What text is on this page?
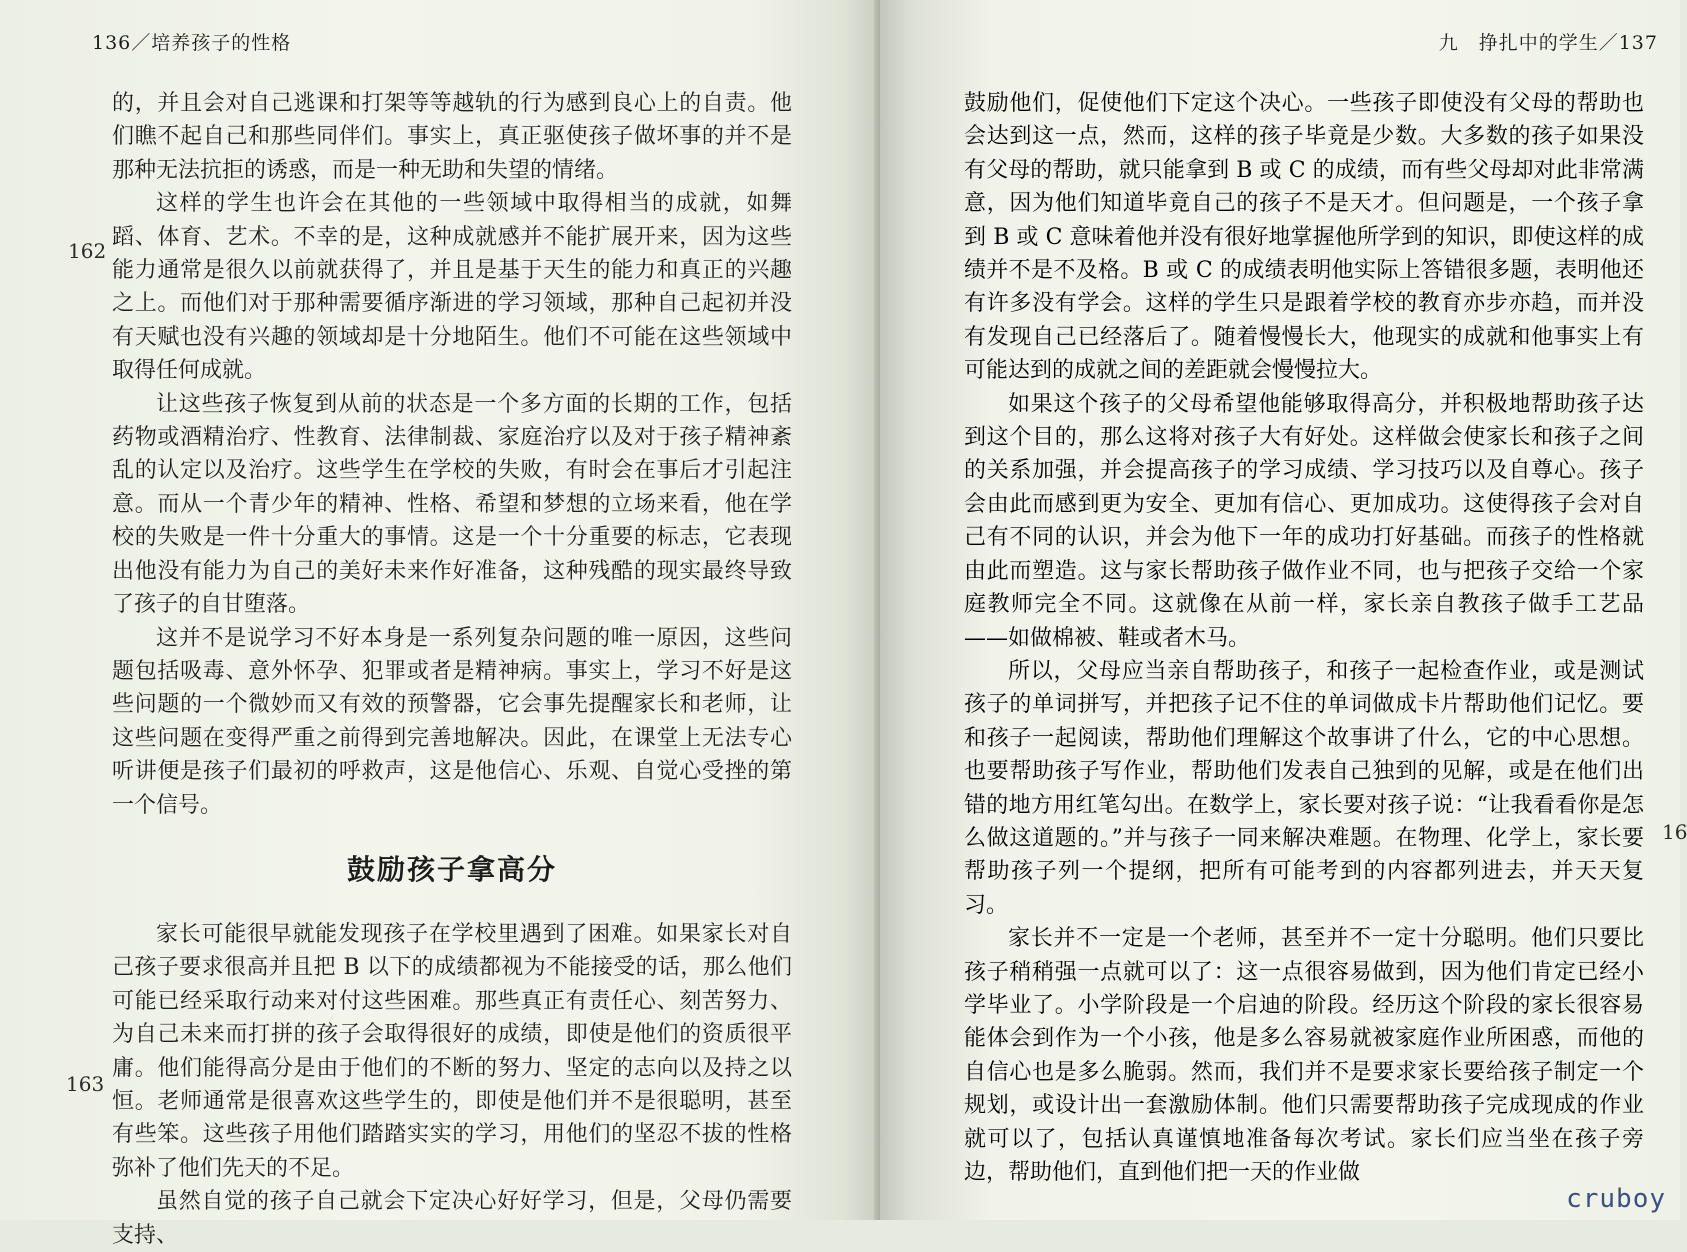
136／培养孩子的性格
162
163

的，并且会对自己逃课和打架等等越轨的行为感到良心上的自责。他们瞧不起自己和那些同伴们。事实上，真正驱使孩子做坏事的并不是那种无法抗拒的诱惑，而是一种无助和失望的情绪。

这样的学生也许会在其他的一些领域中取得相当的成就，如舞蹈、体育、艺术。不幸的是，这种成就感并不能扩展开来，因为这些能力通常是很久以前就获得了，并且是基于天生的能力和真正的兴趣之上。而他们对于那种需要循序渐进的学习领域，那种自己起初并没有天赋也没有兴趣的领域却是十分地陌生。他们不可能在这些领域中取得任何成就。

让这些孩子恢复到从前的状态是一个多方面的长期的工作，包括药物或酒精治疗、性教育、法律制裁、家庭治疗以及对于孩子精神紊乱的认定以及治疗。这些学生在学校的失败，有时会在事后才引起注意。而从一个青少年的精神、性格、希望和梦想的立场来看，他在学校的失败是一件十分重大的事情。这是一个十分重要的标志，它表现出他没有能力为自己的美好未来作好准备，这种残酷的现实最终导致了孩子的自甘堕落。

这并不是说学习不好本身是一系列复杂问题的唯一原因，这些问题包括吸毒、意外怀孕、犯罪或者是精神病。事实上，学习不好是这些问题的一个微妙而又有效的预警器，它会事先提醒家长和老师，让这些问题在变得严重之前得到完善地解决。因此，在课堂上无法专心听讲便是孩子们最初的呼救声，这是他信心、乐观、自觉心受挫的第一个信号。

鼓励孩子拿高分

家长可能很早就能发现孩子在学校里遇到了困难。如果家长对自己孩子要求很高并且把 B 以下的成绩都视为不能接受的话，那么他们可能已经采取行动来对付这些困难。那些真正有责任心、刻苦努力、为自己未来而打拼的孩子会取得很好的成绩，即使是他们的资质很平庸。他们能得高分是由于他们的不断的努力、坚定的志向以及持之以恒。老师通常是很喜欢这些学生的，即使是他们并不是很聪明，甚至有些笨。这些孩子用他们踏踏实实的学习，用他们的坚忍不拔的性格弥补了他们先天的不足。

虽然自觉的孩子自己就会下定决心好好学习，但是，父母仍需要支持、

九　挣扎中的学生／137
16

鼓励他们，促使他们下定这个决心。一些孩子即使没有父母的帮助也会达到这一点，然而，这样的孩子毕竟是少数。大多数的孩子如果没有父母的帮助，就只能拿到 B 或 C 的成绩，而有些父母却对此非常满意，因为他们知道毕竟自己的孩子不是天才。但问题是，一个孩子拿到 B 或 C 意味着他并没有很好地掌握他所学到的知识，即使这样的成绩并不是不及格。B 或 C 的成绩表明他实际上答错很多题，表明他还有许多没有学会。这样的学生只是跟着学校的教育亦步亦趋，而并没有发现自己已经落后了。随着慢慢长大，他现实的成就和他事实上有可能达到的成就之间的差距就会慢慢拉大。

如果这个孩子的父母希望他能够取得高分，并积极地帮助孩子达到这个目的，那么这将对孩子大有好处。这样做会使家长和孩子之间的关系加强，并会提高孩子的学习成绩、学习技巧以及自尊心。孩子会由此而感到更为安全、更加有信心、更加成功。这使得孩子会对自己有不同的认识，并会为他下一年的成功打好基础。而孩子的性格就由此而塑造。这与家长帮助孩子做作业不同，也与把孩子交给一个家庭教师完全不同。这就像在从前一样，家长亲自教孩子做手工艺品——如做棉被、鞋或者木马。

所以，父母应当亲自帮助孩子，和孩子一起检查作业，或是测试孩子的单词拼写，并把孩子记不住的单词做成卡片帮助他们记忆。要和孩子一起阅读，帮助他们理解这个故事讲了什么，它的中心思想。也要帮助孩子写作业，帮助他们发表自己独到的见解，或是在他们出错的地方用红笔勾出。在数学上，家长要对孩子说：“让我看看你是怎么做这道题的。”并与孩子一同来解决难题。在物理、化学上，家长要帮助孩子列一个提纲，把所有可能考到的内容都列进去，并天天复习。

家长并不一定是一个老师，甚至并不一定十分聪明。他们只要比孩子稍稍强一点就可以了：这一点很容易做到，因为他们肯定已经小学毕业了。小学阶段是一个启迪的阶段。经历这个阶段的家长很容易能体会到作为一个小孩，他是多么容易就被家庭作业所困惑，而他的自信心也是多么脆弱。然而，我们并不是要求家长要给孩子制定一个规划，或设计出一套激励体制。他们只需要帮助孩子完成现成的作业就可以了，包括认真谨慎地准备每次考试。家长们应当坐在孩子旁边，帮助他们，直到他们把一天的作业做

cruboy
